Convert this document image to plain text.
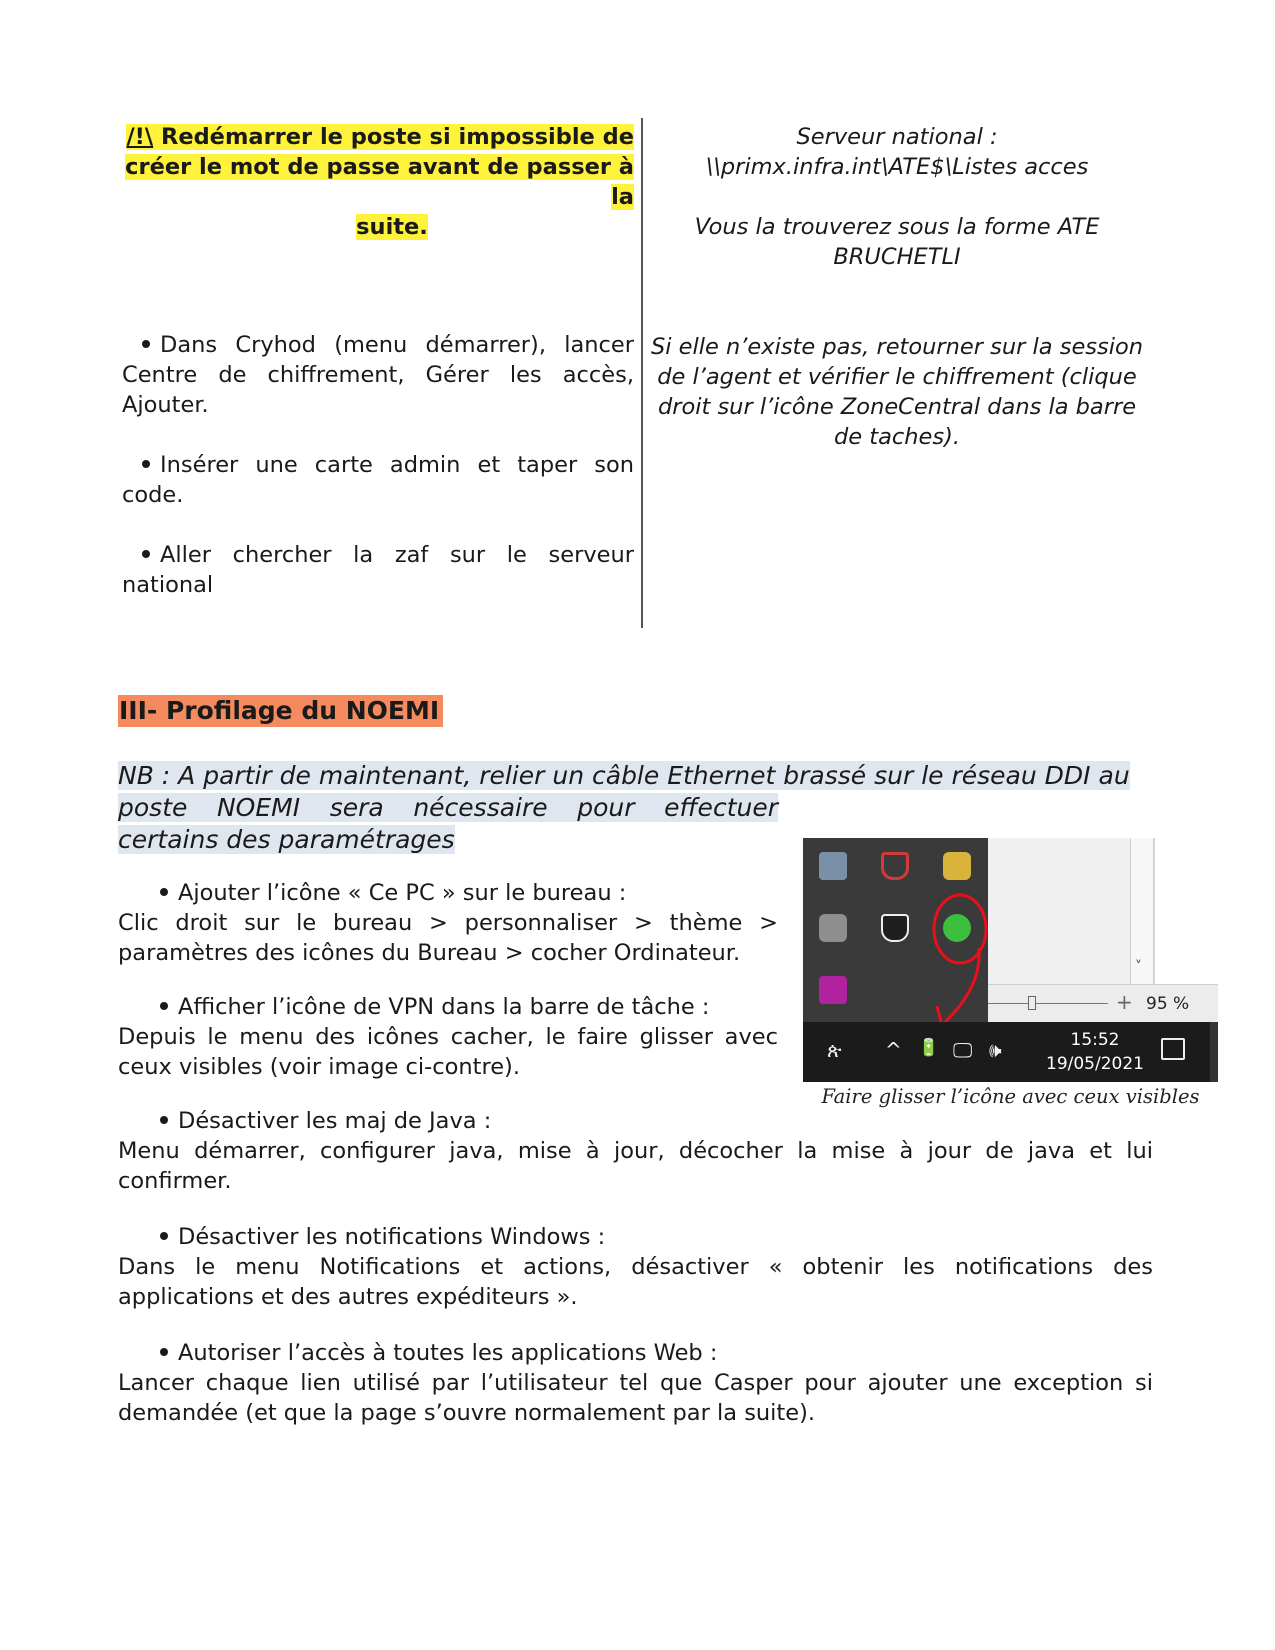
/!\ Redémarrer le poste si impossible de
créer le mot de passe avant de passer à la
suite.

Dans Cryhod (menu démarrer), lancer Centre de chiffrement, Gérer les accès, Ajouter.

Insérer une carte admin et taper son code.

Aller chercher la zaf sur le serveur national

Serveur national :
\\primx.infra.int\ATE$\Listes acces
Vous la trouverez sous la forme ATE
BRUCHETLI
Si elle n’existe pas, retourner sur la session de l’agent et vérifier le chiffrement (clique droit sur l’icône ZoneCentral dans la barre de taches).
III- Profilage du NOEMI
NB : A partir de maintenant, relier un câble Ethernet brassé sur le réseau DDI au
poste NOEMI sera nécessaire pour effectuer
certains des paramétrages
Ajouter l’icône « Ce PC » sur le bureau :

Clic droit sur le bureau > personnaliser > thème > paramètres des icônes du Bureau > cocher Ordinateur.

Afficher l’icône de VPN dans la barre de tâche :

Depuis le menu des icônes cacher, le faire glisser avec ceux visibles (voir image ci-contre).

Désactiver les maj de Java :

Menu démarrer, configurer java, mise à jour, décocher la mise à jour de java et lui confirmer.

Désactiver les notifications Windows :

Dans le menu Notifications et actions, désactiver « obtenir les notifications des applications et des autres expéditeurs ».

Autoriser l’accès à toutes les applications Web :

Lancer chaque lien utilisé par l’utilisateur tel que Casper pour ajouter une exception si demandée (et que la page s’ouvre normalement par la suite).

˅
+ 95 %
ጵ ^ 🔋 🖵 🕪	15:52
19/05/2021
Faire glisser l’icône avec ceux visibles
